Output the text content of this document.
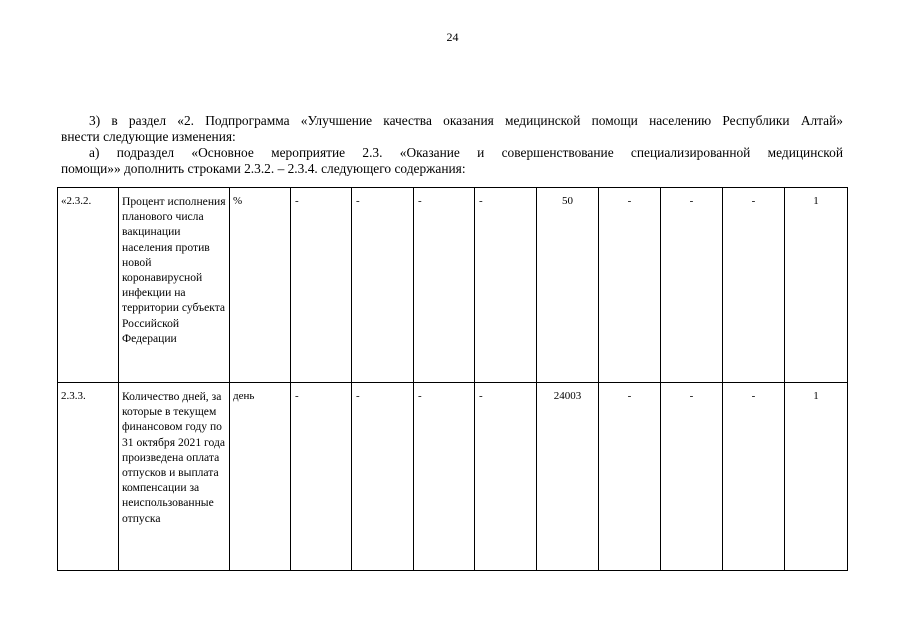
24

3) в раздел «2. Подпрограмма «Улучшение качества оказания медицинской помощи населению Республики Алтай»
внести следующие изменения:

а) подраздел «Основное мероприятие 2.3. «Оказание и совершенствование специализированной медицинской
помощи»» дополнить строками 2.3.2. – 2.3.4. следующего содержания:

«2.3.2.	Процент исполнения планового числа вакцинации населения против новой коронавирусной инфекции на территории субъекта Российской Федерации	%	-	-	-	-	50	-	-	-	1
2.3.3.	Количество дней, за которые в текущем финансовом году по 31 октября 2021 года произведена оплата отпусков и выплата компенсации за неиспользованные отпуска	день	-	-	-	-	24003	-	-	-	1
